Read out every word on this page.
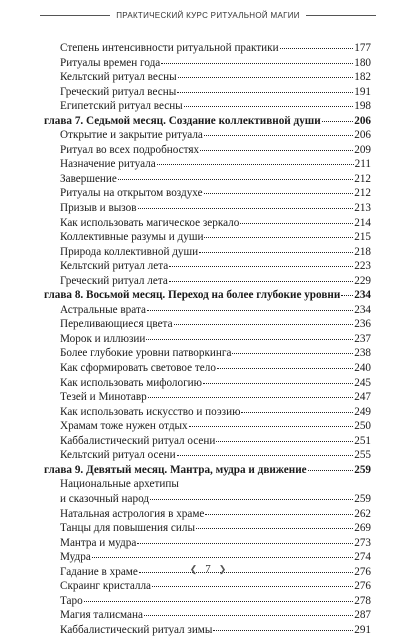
ПРАКТИЧЕСКИЙ КУРС РИТУАЛЬНОЙ МАГИИ
Степень интенсивности ритуальной практики	177
Ритуалы времен года	180
Кельтский ритуал весны	182
Греческий ритуал весны	191
Египетский ритуал весны	198
глава 7. Седьмой месяц. Создание коллективной души	206
Открытие и закрытие ритуала	206
Ритуал во всех подробностях	209
Назначение ритуала	211
Завершение	212
Ритуалы на открытом воздухе	212
Призыв и вызов	213
Как использовать магическое зеркало	214
Коллективные разумы и души	215
Природа коллективной души	218
Кельтский ритуал лета	223
Греческий ритуал лета	229
глава 8. Восьмой месяц. Переход на более глубокие уровни 234
Астральные врата	234
Переливающиеся цвета	236
Морок и иллюзии	237
Более глубокие уровни патворкинга	238
Как сформировать световое тело	240
Как использовать мифологию	245
Тезей и Минотавр	247
Как использовать искусство и поэзию	249
Храмам тоже нужен отдых	250
Каббалистический ритуал осени	251
Кельтский ритуал осени	255
глава 9. Девятый месяц. Мантра, мудра и движение	259
Национальные архетипы
и сказочный народ	259
Натальная астрология в храме	262
Танцы для повышения силы	269
Мантра и мудра	273
Мудра	274
Гадание в храме	276
Скраинг кристалла	276
Таро	278
Магия талисмана	287
Каббалистический ритуал зимы	291
❮ 7 ❯
